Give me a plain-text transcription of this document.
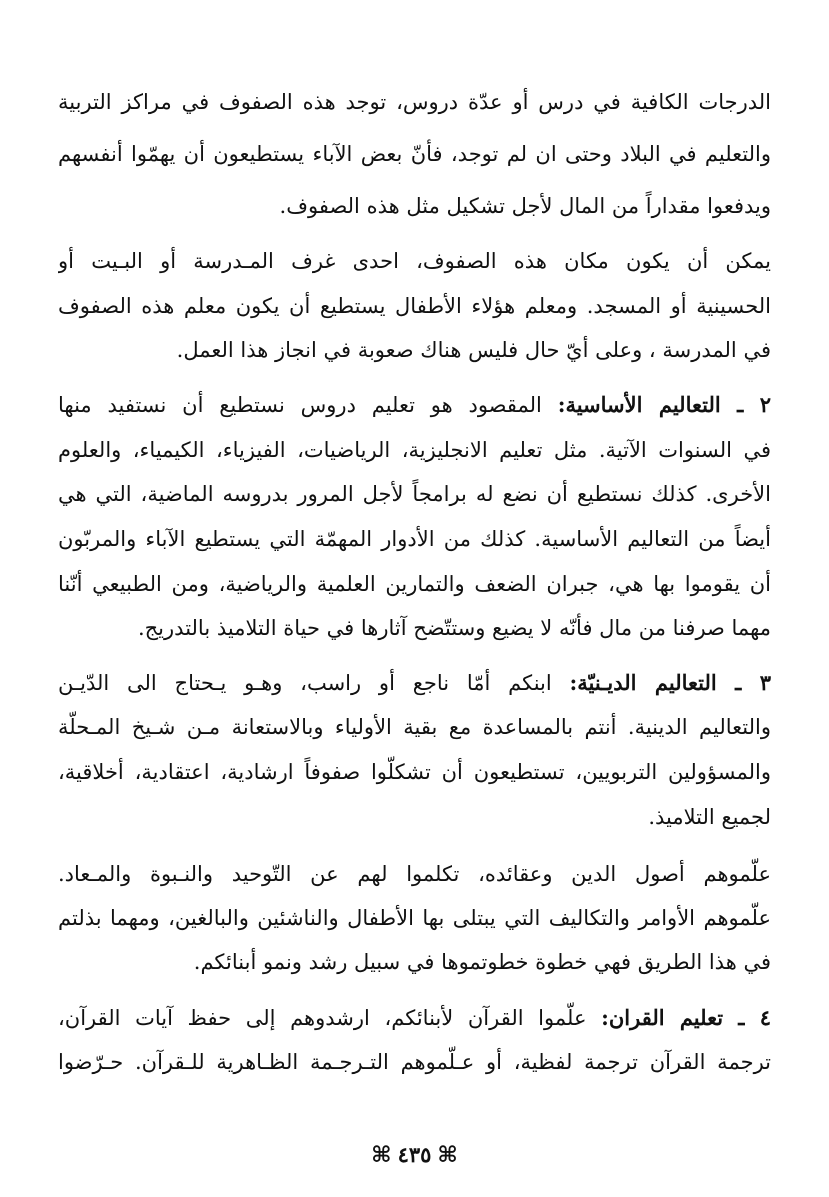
الدرجات الكافية في درس أو عدّة دروس، توجد هذه الصفوف في مراكز التربية
والتعليم في البلاد وحتى ان لم توجد، فأنّ بعض الآباء يستطيعون أن يهمّوا أنفسهم
ويدفعوا مقداراً من المال لأجل تشكيل مثل هذه الصفوف.
يمكن أن يكون مكان هذه الصفوف، احدى غرف المـدرسة أو البـيت أو
الحسينية أو المسجد. ومعلم هؤلاء الأطفال يستطيع أن يكون معلم هذه الصفوف
في المدرسة ، وعلى أيّ حال فليس هناك صعوبة في انجاز هذا العمل.
٢ ـ التعاليم الأساسية: المقصود هو تعليم دروس نستطيع أن نستفيد منها
في السنوات الآتية. مثل تعليم الانجليزية، الرياضيات، الفيزياء، الكيمياء، والعلوم
الأخرى. كذلك نستطيع أن نضع له برامجاً لأجل المرور بدروسه الماضية، التي هي
أيضاً من التعاليم الأساسية. كذلك من الأدوار المهمّة التي يستطيع الآباء والمربّون
أن يقوموا بها هي، جبران الضعف والتمارين العلمية والرياضية، ومن الطبيعي أنّنا
مهما صرفنا من مال فأنّه لا يضيع وستتّضح آثارها في حياة التلاميذ بالتدريج.
٣ ـ التعاليم الديـنيّة: ابنكم أمّا ناجع أو راسب، وهـو يـحتاج الى الدّيـن
والتعاليم الدينية. أنتم بالمساعدة مع بقية الأولياء وبالاستعانة مـن شـيخ المـحلّة
والمسؤولين التربويين، تستطيعون أن تشكلّوا صفوفاً ارشادية، اعتقادية، أخلاقية،
لجميع التلاميذ.
علّموهم أصول الدين وعقائده، تكلموا لهم عن التّوحيد والنـبوة والمـعاد.
علّموهم الأوامر والتكاليف التي يبتلى بها الأطفال والناشئين والبالغين، ومهما بذلتم
في هذا الطريق فهي خطوة خطوتموها في سبيل رشد ونمو أبنائكم.
٤ ـ تعليم القران: علّموا القرآن لأبنائكم، ارشدوهم إلى حفظ آيات القرآن،
ترجمة القرآن ترجمة لفظية، أو عـلّموهم التـرجـمة الظـاهرية للـقرآن. حـرّضوا
⌘٤٣٥⌘
